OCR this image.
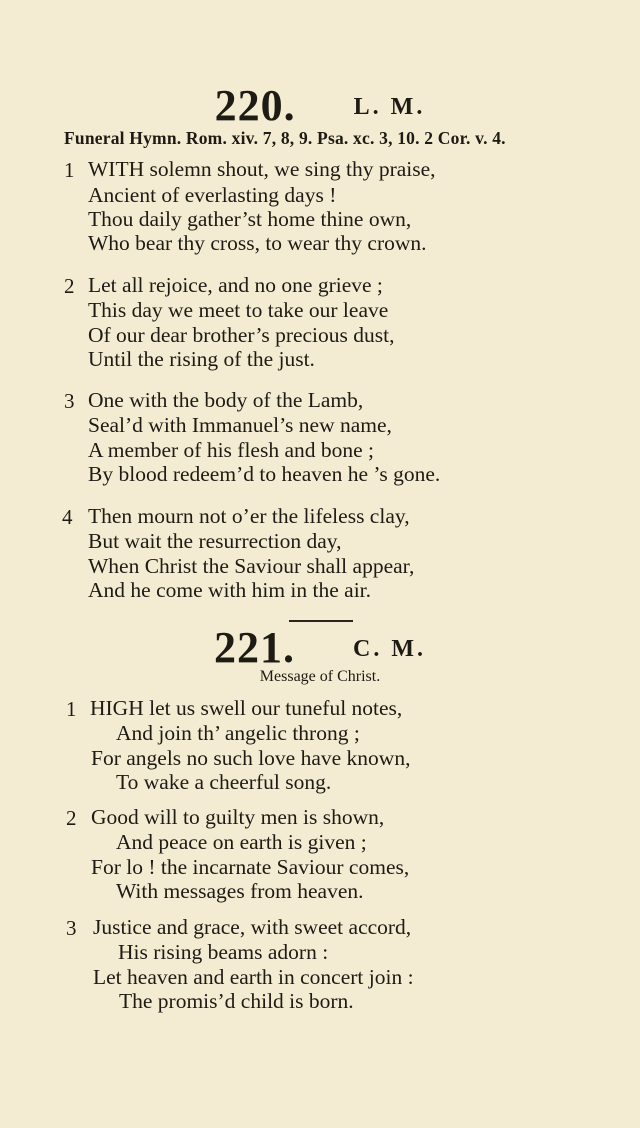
220. L. M.
Funeral Hymn. Rom. xiv. 7, 8, 9. Psa. xc. 3, 10. 2 Cor. v. 4.
1 WITH solemn shout, we sing thy praise,
Ancient of everlasting days !
Thou daily gather’st home thine own,
Who bear thy cross, to wear thy crown.
2 Let all rejoice, and no one grieve ;
This day we meet to take our leave
Of our dear brother’s precious dust,
Until the rising of the just.
3 One with the body of the Lamb,
Seal’d with Immanuel’s new name,
A member of his flesh and bone ;
By blood redeem’d to heaven he ’s gone.
4 Then mourn not o’er the lifeless clay,
But wait the resurrection day,
When Christ the Saviour shall appear,
And he come with him in the air.
221. C. M.
Message of Christ.
1 HIGH let us swell our tuneful notes,
And join th’ angelic throng ;
For angels no such love have known,
To wake a cheerful song.
2 Good will to guilty men is shown,
And peace on earth is given ;
For lo ! the incarnate Saviour comes,
With messages from heaven.
3 Justice and grace, with sweet accord,
His rising beams adorn :
Let heaven and earth in concert join :
The promis’d child is born.
